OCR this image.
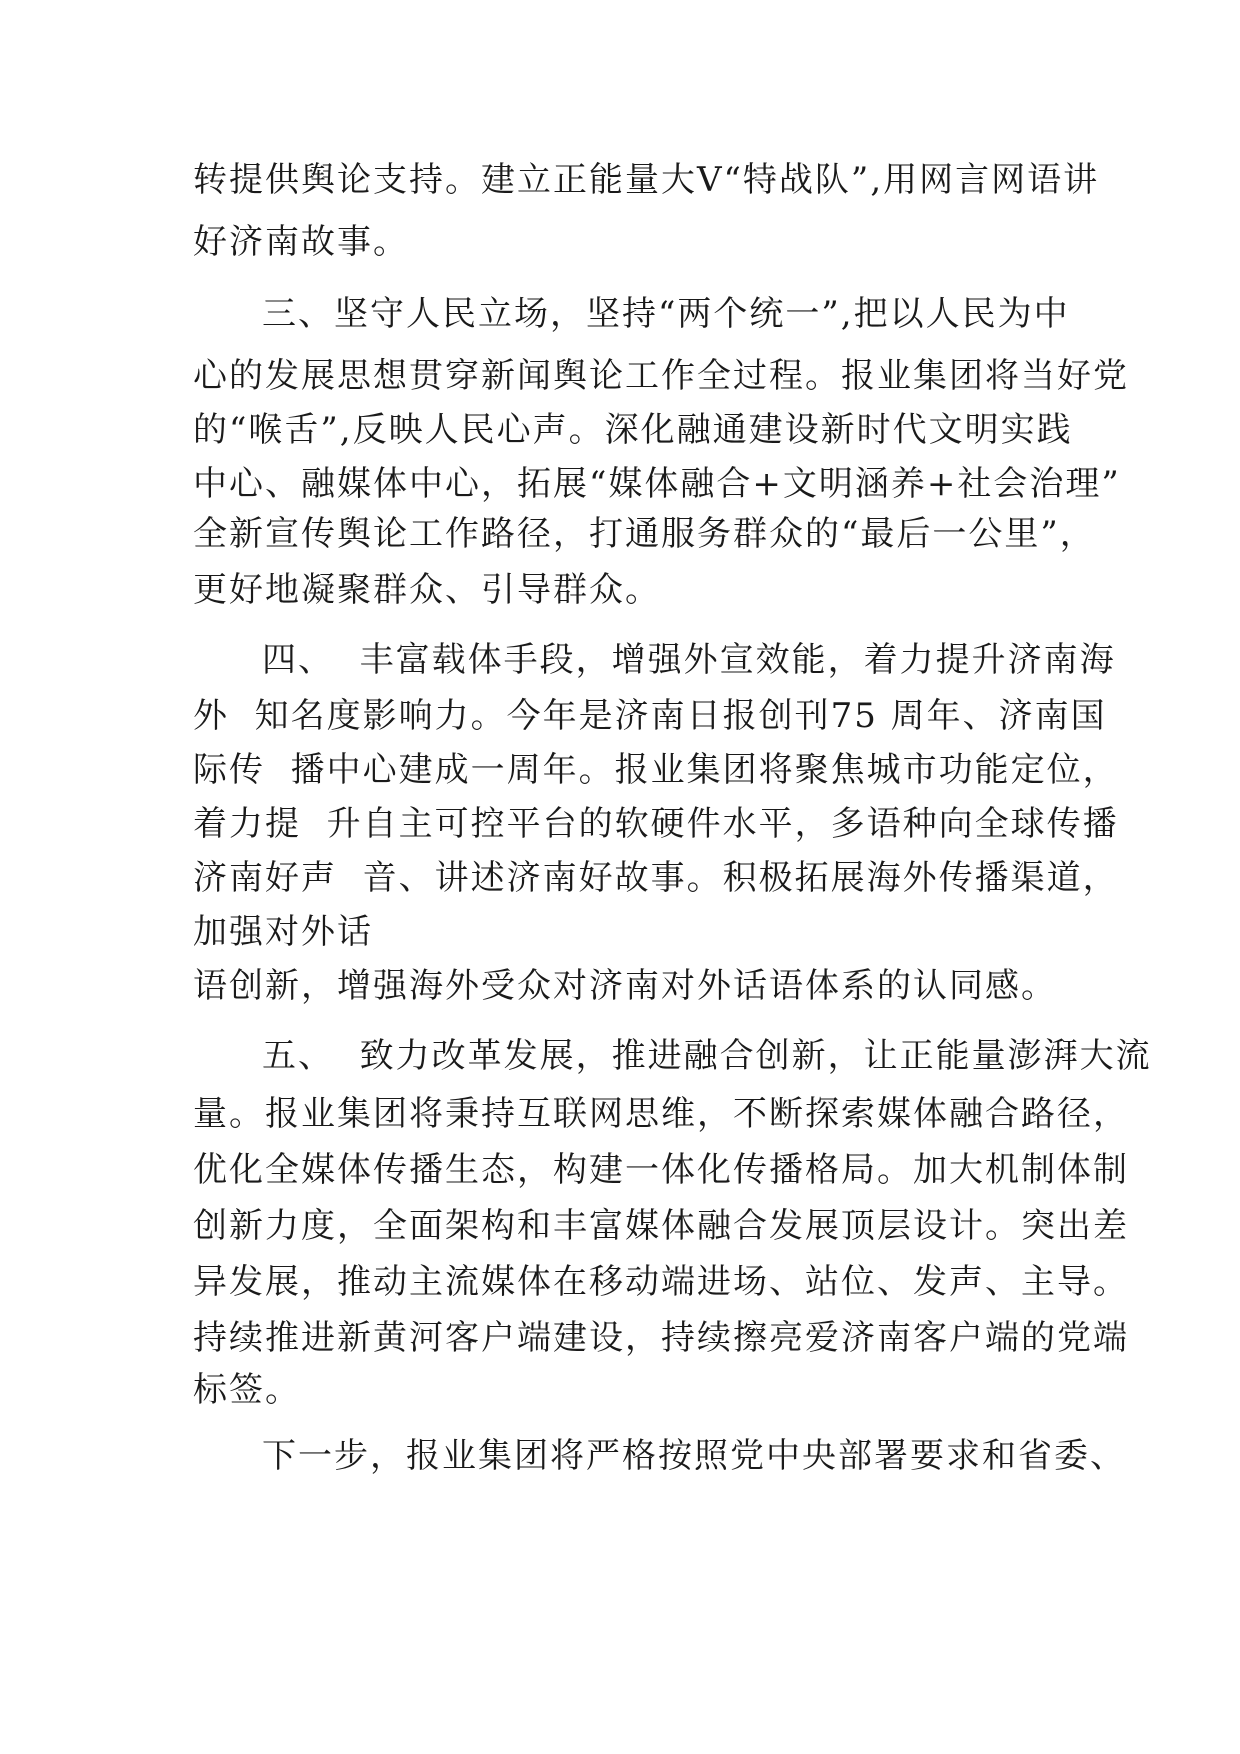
转提供舆论支持。建立正能量大V“特战队”,用网言网语讲
好济南故事。
三、坚守人民立场，坚持“两个统一”,把以人民为中
心的发展思想贯穿新闻舆论工作全过程。报业集团将当好党
的“喉舌”,反映人民心声。深化融通建设新时代文明实践
中心、融媒体中心，拓展“媒体融合+文明涵养+社会治理”
全新宣传舆论工作路径，打通服务群众的“最后一公里”，
更好地凝聚群众、引导群众。
四、  丰富载体手段，增强外宣效能，着力提升济南海
外  知名度影响力。今年是济南日报创刊75 周年、济南国
际传  播中心建成一周年。报业集团将聚焦城市功能定位，
着力提  升自主可控平台的软硬件水平，多语种向全球传播
济南好声  音、讲述济南好故事。积极拓展海外传播渠道，
加强对外话
语创新，增强海外受众对济南对外话语体系的认同感。
五、  致力改革发展，推进融合创新，让正能量澎湃大流
量。报业集团将秉持互联网思维，不断探索媒体融合路径，
优化全媒体传播生态，构建一体化传播格局。加大机制体制
创新力度，全面架构和丰富媒体融合发展顶层设计。突出差
异发展，推动主流媒体在移动端进场、站位、发声、主导。
持续推进新黄河客户端建设，持续擦亮爱济南客户端的党端
标签。
下一步，报业集团将严格按照党中央部署要求和省委、
